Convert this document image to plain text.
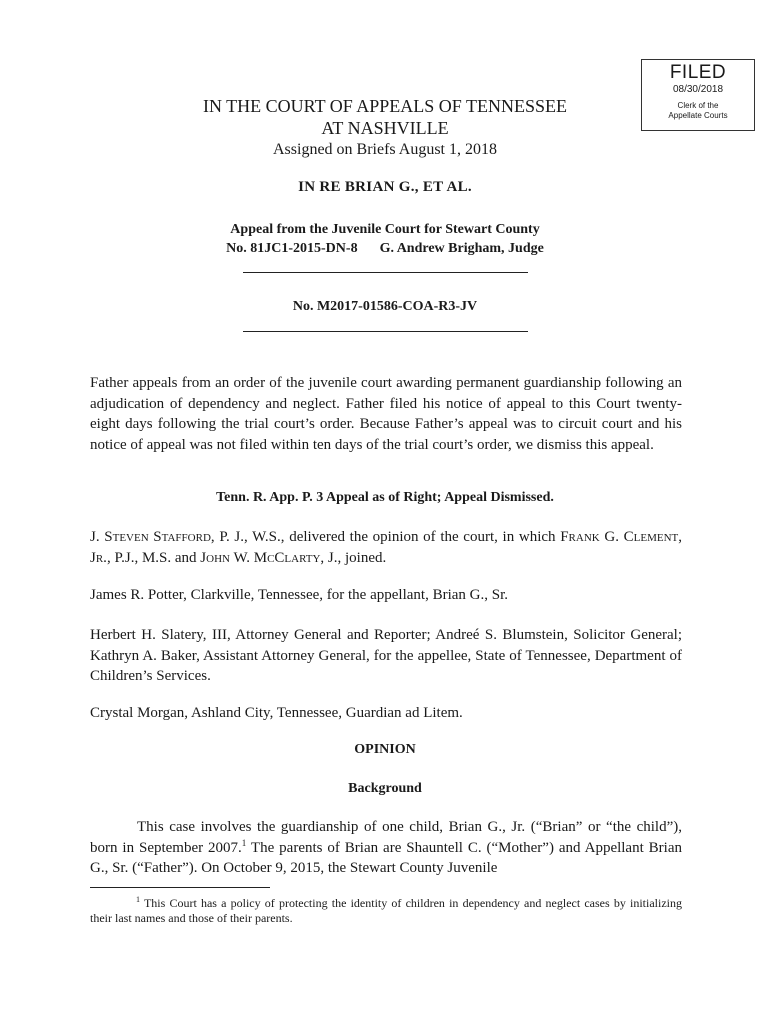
FILED
08/30/2018
Clerk of the
Appellate Courts
IN THE COURT OF APPEALS OF TENNESSEE
AT NASHVILLE
Assigned on Briefs August 1, 2018
IN RE BRIAN G., ET AL.
Appeal from the Juvenile Court for Stewart County
No. 81JC1-2015-DN-8 G. Andrew Brigham, Judge
No. M2017-01586-COA-R3-JV

Father appeals from an order of the juvenile court awarding permanent guardianship following an adjudication of dependency and neglect. Father filed his notice of appeal to this Court twenty-eight days following the trial court’s order. Because Father’s appeal was to circuit court and his notice of appeal was not filed within ten days of the trial court’s order, we dismiss this appeal.

Tenn. R. App. P. 3 Appeal as of Right; Appeal Dismissed.

J. Steven Stafford, P. J., W.S., delivered the opinion of the court, in which Frank G. Clement, Jr., P.J., M.S. and John W. McClarty, J., joined.

James R. Potter, Clarkville, Tennessee, for the appellant, Brian G., Sr.

Herbert H. Slatery, III, Attorney General and Reporter; Andreé S. Blumstein, Solicitor General; Kathryn A. Baker, Assistant Attorney General, for the appellee, State of Tennessee, Department of Children’s Services.

Crystal Morgan, Ashland City, Tennessee, Guardian ad Litem.

OPINION
Background

This case involves the guardianship of one child, Brian G., Jr. (“Brian” or “the child”), born in September 2007.$^1$ The parents of Brian are Shauntell C. (“Mother”) and Appellant Brian G., Sr. (“Father”). On October 9, 2015, the Stewart County Juvenile

$^1$ This Court has a policy of protecting the identity of children in dependency and neglect cases by initializing their last names and those of their parents.
